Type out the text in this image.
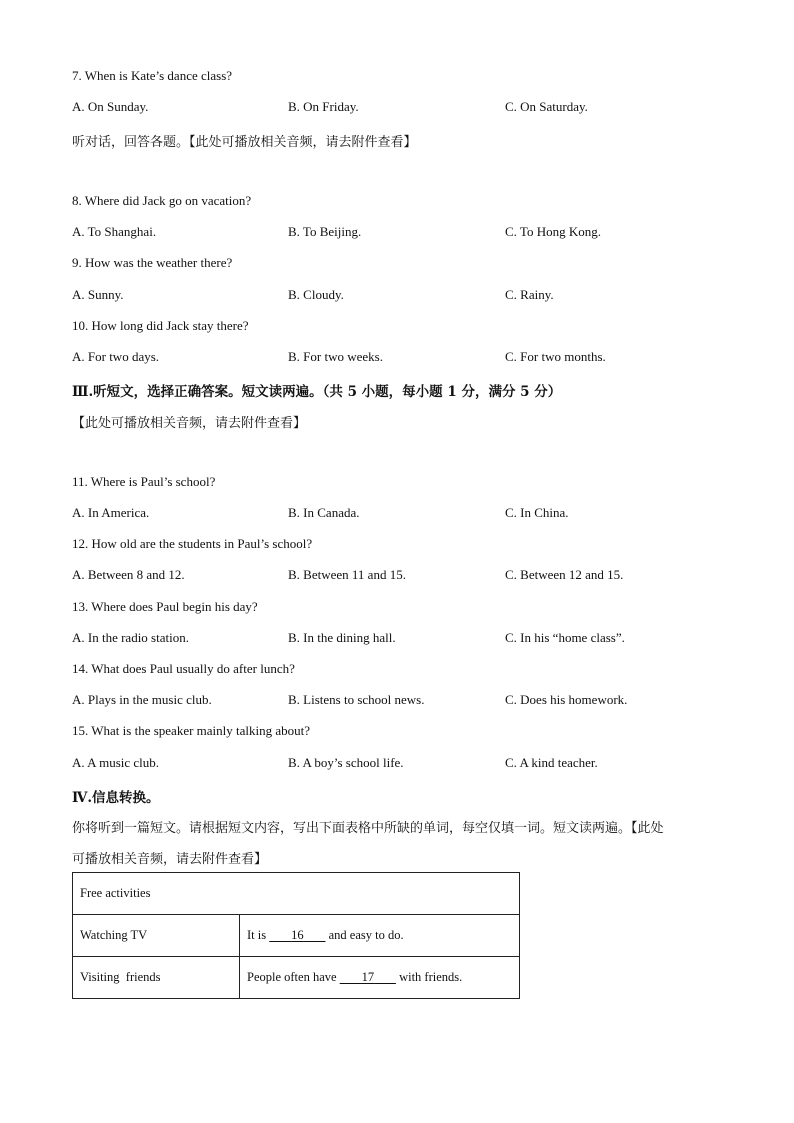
7. When is Kate’s dance class?
A. On Sunday.	B. On Friday.	C. On Saturday.
听对话，回答各题。【此处可播放相关音频，请去附件查看】
8. Where did Jack go on vacation?
A. To Shanghai.	B. To Beijing.	C. To Hong Kong.
9. How was the weather there?
A. Sunny.	B. Cloudy.	C. Rainy.
10. How long did Jack stay there?
A. For two days.	B. For two weeks.	C. For two months.
Ⅲ.听短文，选择正确答案。短文读两遍。（共 5 小题，每小题 1 分，满分 5 分）
【此处可播放相关音频，请去附件查看】
11. Where is Paul’s school?
A. In America.	B. In Canada.	C. In China.
12. How old are the students in Paul’s school?
A. Between 8 and 12.	B. Between 11 and 15.	C. Between 12 and 15.
13. Where does Paul begin his day?
A. In the radio station.	B. In the dining hall.	C. In his “home class”.
14. What does Paul usually do after lunch?
A. Plays in the music club.	B. Listens to school news.	C. Does his homework.
15. What is the speaker mainly talking about?
A. A music club.	B. A boy’s school life.	C. A kind teacher.
Ⅳ.信息转换。
你将听到一篇短文。请根据短文内容，写出下面表格中所缺的单词，每空仅填一词。短文读两遍。【此处
可播放相关音频，请去附件查看】
Free activities	
Watching TV	It is        16        and easy to do.
Visiting  friends	People often have        17        with friends.
